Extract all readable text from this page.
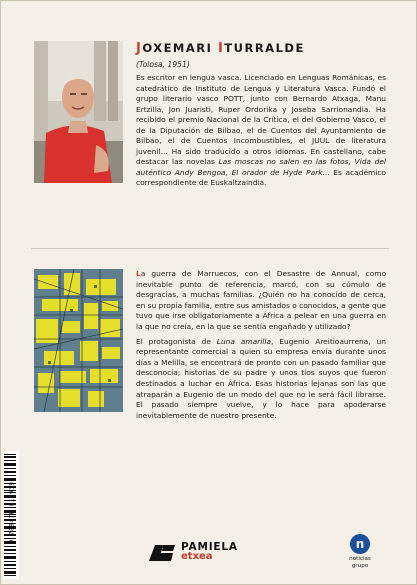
JOXEMARI ITURRALDE
(Tolosa, 1951)

Es escritor en lengua vasca. Licenciado en Lenguas Románicas, es catedrático de Instituto de Lengua y Literatura Vasca. Fundó el grupo literario vasco POTT, junto con Bernardo Atxaga, Manu Ertzilla, Jon Juaristi, Ruper Ordorika y Joseba Sarrionandia. Ha recibido el premio Nacional de la Crítica, el del Gobierno Vasco, el de la Diputación de Bilbao, el de Cuentos del Ayuntamiento de Bilbao, el de Cuentos Incombustibles, el JUUL de literatura juvenil... Ha sido traducido a otros idiomas. En castellano, cabe destacar las novelas Las moscas no salen en las fotos, Vida del auténtico Andy Bengoa, El orador de Hyde Park... Es académico correspondiente de Euskaltzaindia.

La guerra de Marruecos, con el Desastre de Annual, como inevitable punto de referencia, marcó, con su cúmulo de desgracias, a muchas familias. ¿Quién no ha conocido de cerca, en su propia familia, entre sus amistados o conocidos, a gente que tuvo que irse obligatoriamente a África a pelear en una guerra en la que no creía, en la que se sentía engañado y utilizado?

El protagonista de Luna amarilla, Eugenio Areitioaurrena, un representante comercial a quien su empresa envía durante unos días a Melilla, se encontrará de pronto con un pasado familiar que desconocía; historias de su padre y unos tíos suyos que fueron destinados a luchar en África. Esas historias lejanas son las que atraparán a Eugenio de un modo del que no le será fácil librarse. El pasado siempre vuelve, y lo hace para apoderarse inevitablemente de nuestro presente.

9 788476 818939
PAMIELA
etxea
n
noticias
grupo
